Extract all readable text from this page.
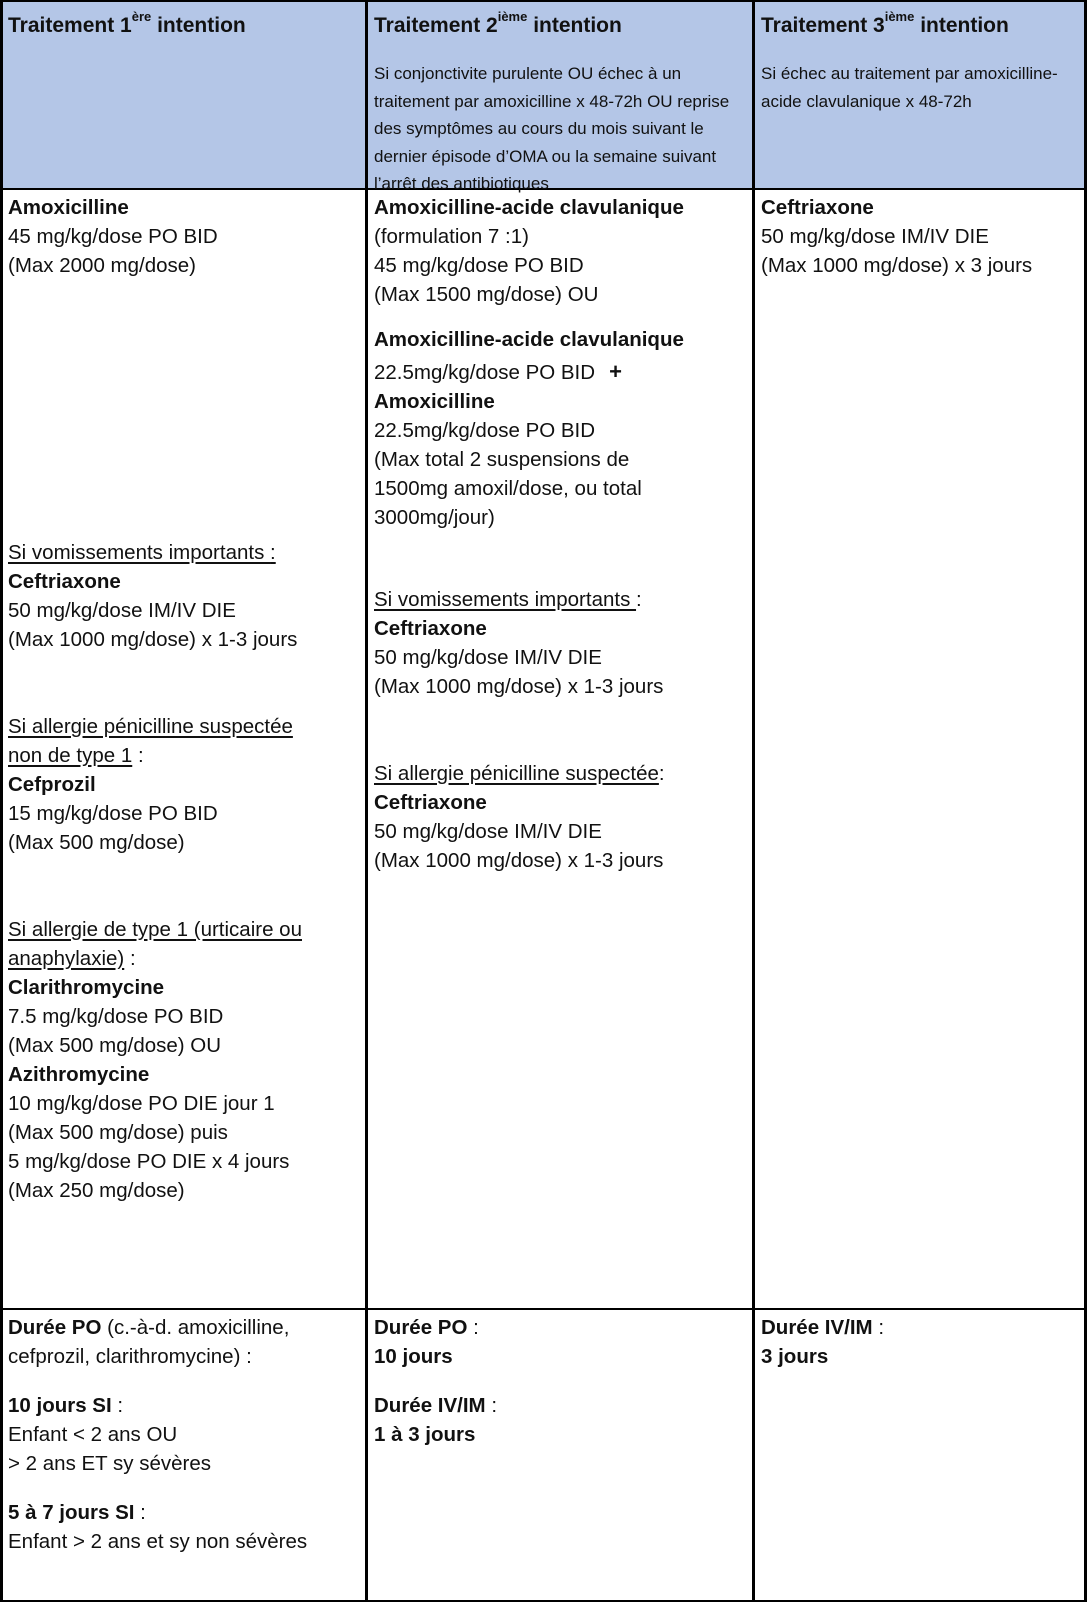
Traitement 1ère intention	Traitement 2ième intention
Si conjonctivite purulente OU échec à un traitement par amoxicilline x 48-72h OU reprise des symptômes au cours du mois suivant le dernier épisode d’OMA ou la semaine suivant l’arrêt des antibiotiques
Traitement 3ième intention
Si échec au traitement par amoxicilline-acide clavulanique x 48-72h
Amoxicilline
45 mg/kg/dose PO BID
(Max 2000 mg/dose)
Si vomissements importants :
Ceftriaxone
50 mg/kg/dose IM/IV DIE
(Max 1000 mg/dose) x 1-3 jours
Si allergie pénicilline suspectée
non de type 1 :
Cefprozil
15 mg/kg/dose PO BID
(Max 500 mg/dose)
Si allergie de type 1 (urticaire ou
anaphylaxie) :
Clarithromycine
7.5 mg/kg/dose PO BID
(Max 500 mg/dose) OU
Azithromycine
10 mg/kg/dose PO DIE jour 1
(Max 500 mg/dose) puis
5 mg/kg/dose PO DIE x 4 jours
(Max 250 mg/dose)
Amoxicilline-acide clavulanique
(formulation 7 :1)
45 mg/kg/dose PO BID
(Max 1500 mg/dose) OU
Amoxicilline-acide clavulanique
22.5mg/kg/dose PO BID +
Amoxicilline
22.5mg/kg/dose PO BID
(Max total 2 suspensions de
1500mg amoxil/dose, ou total
3000mg/jour)
Si vomissements importants :
Ceftriaxone
50 mg/kg/dose IM/IV DIE
(Max 1000 mg/dose) x 1-3 jours
Si allergie pénicilline suspectée:
Ceftriaxone
50 mg/kg/dose IM/IV DIE
(Max 1000 mg/dose) x 1-3 jours
Ceftriaxone
50 mg/kg/dose IM/IV DIE
(Max 1000 mg/dose) x 3 jours
Durée PO (c.-à-d. amoxicilline,
cefprozil, clarithromycine) :
10 jours SI :
Enfant < 2 ans OU
> 2 ans ET sy sévères
5 à 7 jours SI :
Enfant > 2 ans et sy non sévères
Durée PO :
10 jours
Durée IV/IM :
1 à 3 jours
Durée IV/IM :
3 jours
